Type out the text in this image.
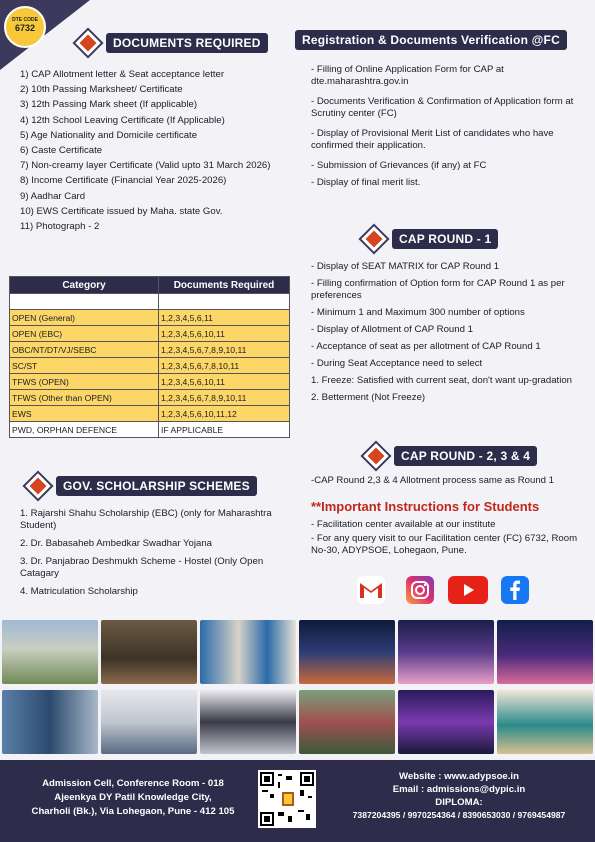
DTE CODE
6732
DOCUMENTS REQUIRED
1) CAP Allotment letter & Seat acceptance letter
2) 10th Passing Marksheet/ Certificate
3) 12th Passing Mark sheet (If applicable)
4) 12th School Leaving Certificate (If Applicable)
5) Age Nationality and Domicile certificate
6) Caste Certificate
7) Non-creamy layer Certificate (Valid upto 31 March 2026)
8) Income Certificate (Financial Year 2025-2026)
9) Aadhar Card
10) EWS Certificate issued by Maha. state Gov.
11) Photograph - 2
Category	Documents Required

OPEN (General)	1,2,3,4,5,6,11
OPEN (EBC)	1,2,3,4,5,6,10,11
OBC/NT/DT/VJ/SEBC	1,2,3,4,5,6,7,8,9,10,11
SC/ST	1,2,3,4,5,6,7,8,10,11
TFWS (OPEN)	1,2,3,4,5,6,10,11
TFWS (Other than OPEN)	1,2,3,4,5,6,7,8,9,10,11
EWS	1,2,3,4,5,6,10,11,12
PWD, ORPHAN DEFENCE	IF APPLICABLE
GOV. SCHOLARSHIP SCHEMES
1. Rajarshi Shahu Scholarship (EBC) (only for Maharashtra Student)
2. Dr. Babasaheb Ambedkar Swadhar Yojana
3. Dr. Panjabrao Deshmukh Scheme - Hostel (Only Open Catagary
4. Matriculation Scholarship
Registration & Documents Verification @FC
- Filling of Online Application Form for CAP at dte.maharashtra.gov.in
- Documents Verification & Confirmation of Application form at Scrutiny center (FC)
- Display of Provisional Merit List of candidates who have confirmed their application.
- Submission of Grievances (if any) at FC
- Display of final merit list.
CAP ROUND - 1
- Display of SEAT MATRIX for CAP Round 1
- Filling confirmation of Option form for CAP Round 1 as per preferences
- Minimum 1 and Maximum 300 number of options
- Display of Allotment of CAP Round 1
- Acceptance of seat as per allotment of CAP Round 1
- During Seat Acceptance need to select
1. Freeze: Satisfied with current seat, don't want up-gradation
2. Betterment (Not Freeze)
CAP ROUND - 2, 3 & 4
-CAP Round 2,3 & 4 Allotment process same as Round 1
**Important Instructions for Students
- Facilitation center available at our institute
- For any query visit to our Facilitation center (FC) 6732, Room No-30, ADYPSOE, Lohegaon, Pune.
Admission Cell, Conference Room - 018
Ajeenkya DY Patil Knowledge City,
Charholi (Bk.), Via Lohegaon, Pune - 412 105
Website : www.adypsoe.in
Email : admissions@dypic.in
DIPLOMA:
7387204395 / 9970254364 / 8390653030 / 9769454987
